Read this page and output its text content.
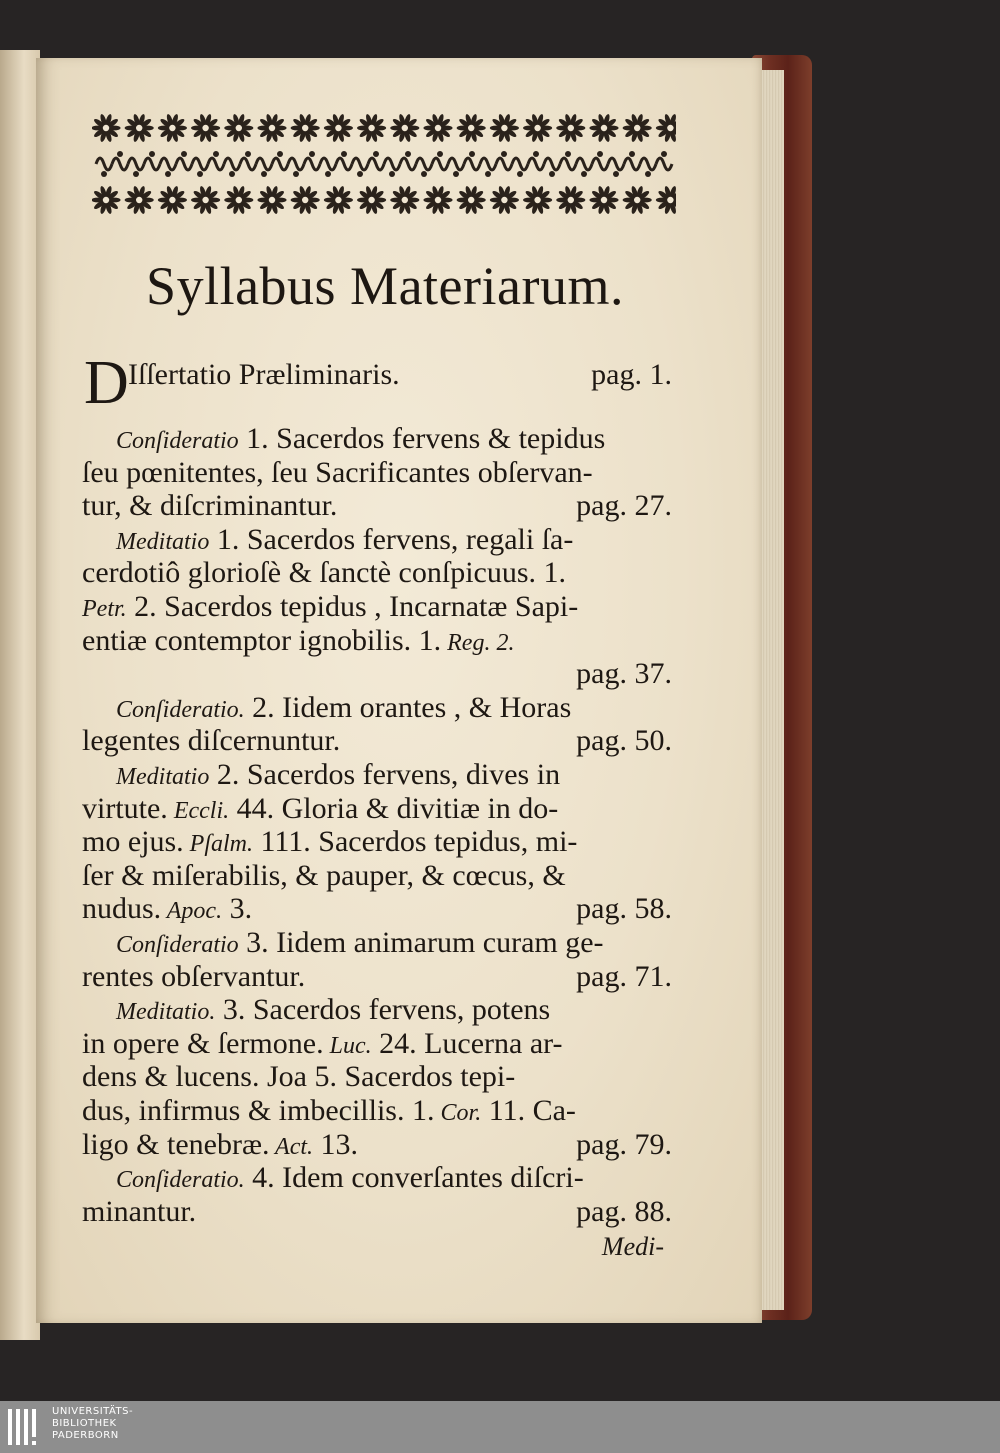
Syllabus Materiarum.
D Iſſertatio Præliminaris.	pag. 1.
Conſideratio 1. Sacerdos fervens & tepidus
ſeu pœnitentes, ſeu Sacrificantes obſervan-
tur, & diſcriminantur.	pag. 27.
Meditatio 1. Sacerdos fervens, regali ſa-
cerdotiô glorioſè & ſanctè conſpicuus. 1.
Petr. 2. Sacerdos tepidus , Incarnatæ Sapi-
entiæ contemptor ignobilis. 1. Reg. 2.
pag. 37.
Conſideratio. 2. Iidem orantes , & Horas
legentes diſcernuntur.	pag. 50.
Meditatio 2. Sacerdos fervens, dives in
virtute. Eccli. 44. Gloria & divitiæ in do-
mo ejus. Pſalm. 111. Sacerdos tepidus, mi-
ſer & miſerabilis, & pauper, & cœcus, &
nudus. Apoc. 3.	pag. 58.
Conſideratio 3. Iidem animarum curam ge-
rentes obſervantur.	pag. 71.
Meditatio. 3. Sacerdos fervens, potens
in opere & ſermone. Luc. 24. Lucerna ar-
dens & lucens. Joa 5. Sacerdos tepi-
dus, infirmus & imbecillis. 1. Cor. 11. Ca-
ligo & tenebræ. Act. 13.	pag. 79.
Conſideratio. 4. Idem converſantes diſcri-
minantur.	pag. 88.
Medi-
UNIVERSITÄTS-
BIBLIOTHEK
PADERBORN
